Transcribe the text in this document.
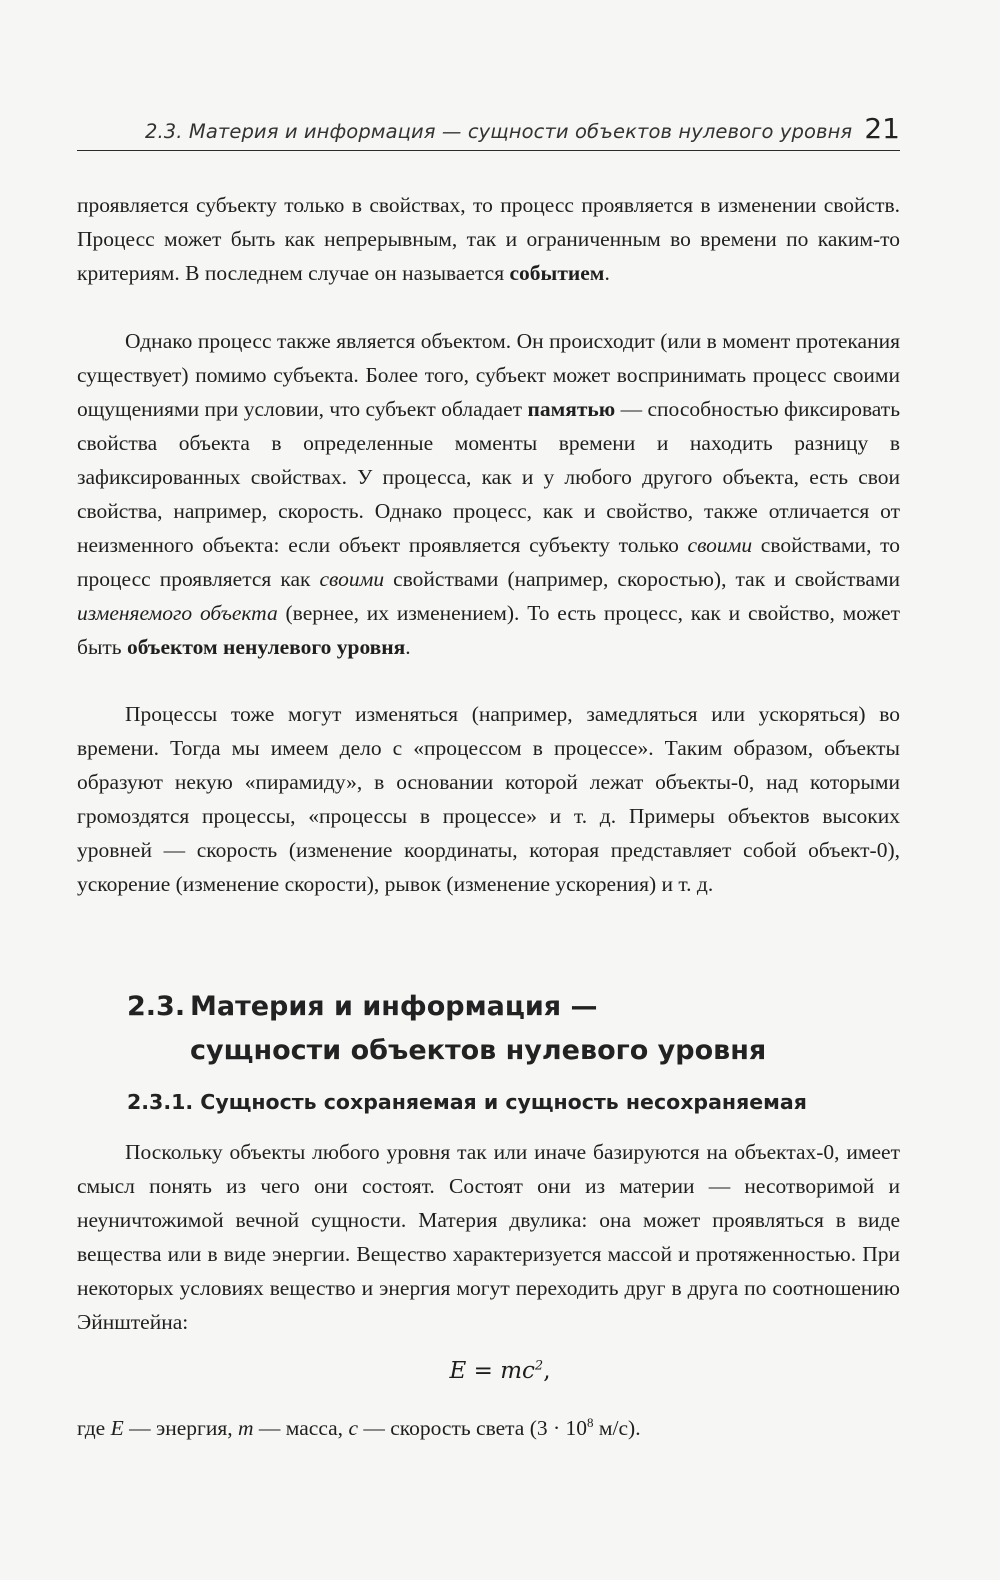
2.3. Материя и информация — сущности объектов нулевого уровня 21

проявляется субъекту только в свойствах, то процесс проявляется в изменении свойств. Процесс может быть как непрерывным, так и ограниченным во времени по каким-то критериям. В последнем случае он называется событием.

Однако процесс также является объектом. Он происходит (или в момент протекания существует) помимо субъекта. Более того, субъект может воспринимать процесс своими ощущениями при условии, что субъект обладает памятью — способностью фиксировать свойства объекта в определенные моменты времени и находить разницу в зафиксированных свойствах. У процесса, как и у любого другого объекта, есть свои свойства, например, скорость. Однако процесс, как и свойство, также отличается от неизменного объекта: если объект проявляется субъекту только своими свойствами, то процесс проявляется как своими свойствами (например, скоростью), так и свойствами изменяемого объекта (вернее, их изменением). То есть процесс, как и свойство, может быть объектом ненулевого уровня.

Процессы тоже могут изменяться (например, замедляться или ускоряться) во времени. Тогда мы имеем дело с «процессом в процессе». Таким образом, объекты образуют некую «пирамиду», в основании которой лежат объекты-0, над которыми громоздятся процессы, «процессы в процессе» и т. д. Примеры объектов высоких уровней — скорость (изменение координаты, которая представляет собой объект-0), ускорение (изменение скорости), рывок (изменение ускорения) и т. д.

2.3. Материя и информация —
сущности объектов нулевого уровня
2.3.1. Сущность сохраняемая и сущность несохраняемая

Поскольку объекты любого уровня так или иначе базируются на объектах-0, имеет смысл понять из чего они состоят. Состоят они из материи — несотворимой и неуничтожимой вечной сущности. Материя двулика: она может проявляться в виде вещества или в виде энергии. Вещество характеризуется массой и протяженностью. При некоторых условиях вещество и энергия могут переходить друг в друга по соотношению Эйнштейна:

$E = mc^2$,

где E — энергия, m — масса, c — скорость света ($3 \cdot 10^8$ м/с).
